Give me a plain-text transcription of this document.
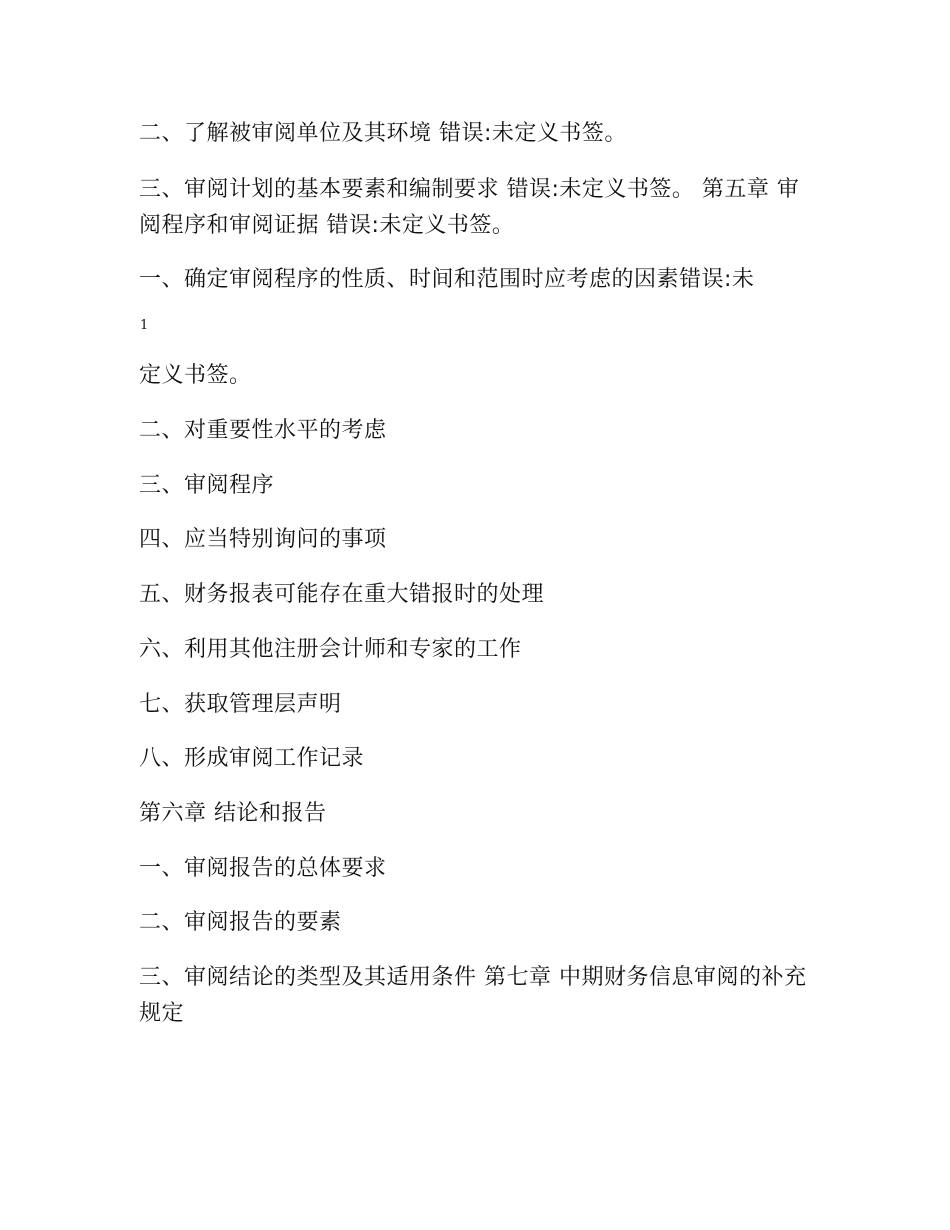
二、了解被审阅单位及其环境 错误:未定义书签。
三、审阅计划的基本要素和编制要求 错误:未定义书签。 第五章 审阅程序和审阅证据 错误:未定义书签。
一、确定审阅程序的性质、时间和范围时应考虑的因素错误:未
1
定义书签。
二、对重要性水平的考虑
三、审阅程序
四、应当特别询问的事项
五、财务报表可能存在重大错报时的处理
六、利用其他注册会计师和专家的工作
七、获取管理层声明
八、形成审阅工作记录
第六章 结论和报告
一、审阅报告的总体要求
二、审阅报告的要素
三、审阅结论的类型及其适用条件 第七章 中期财务信息审阅的补充规定
